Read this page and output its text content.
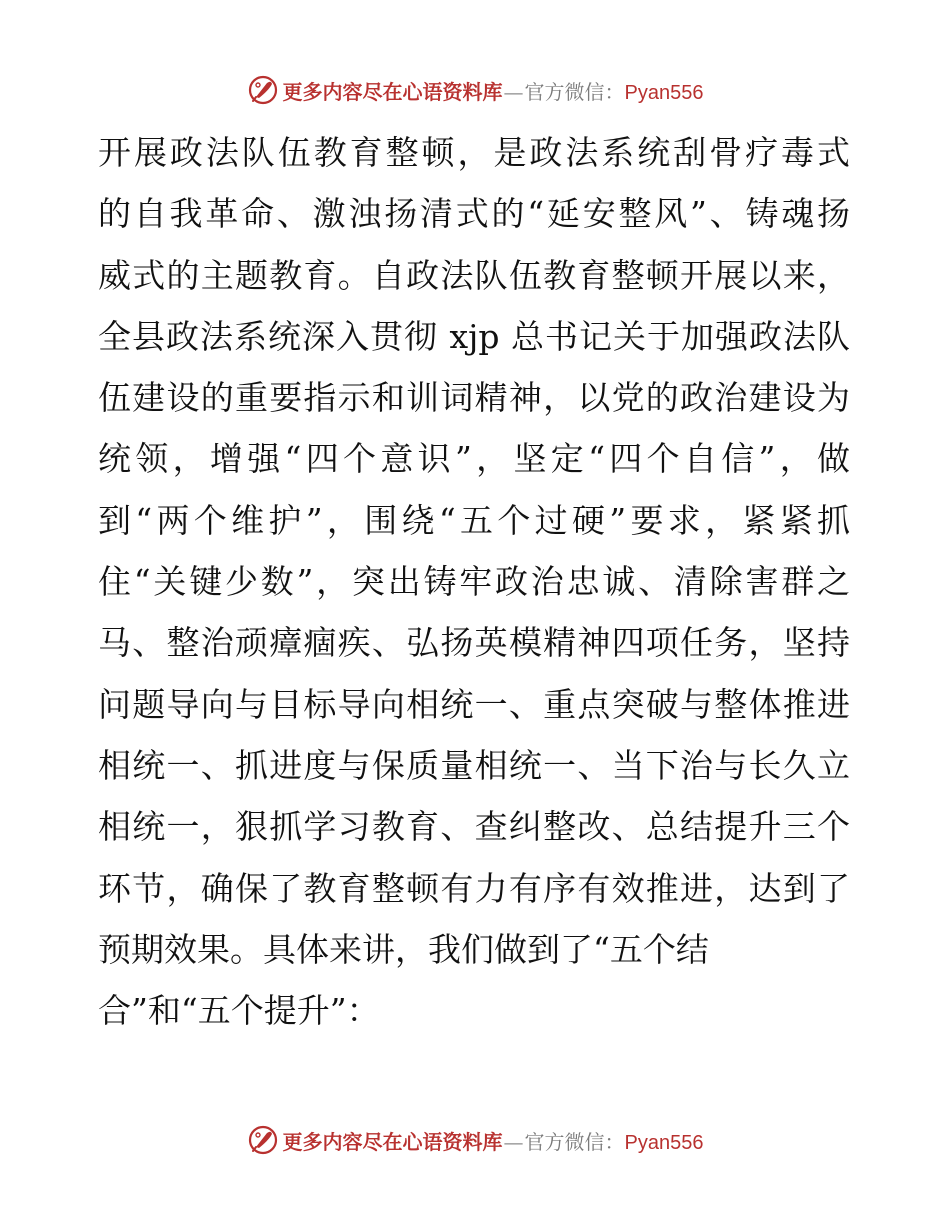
更多内容尽在心语资料库 — 官方微信： Pyan556
开展政法队伍教育整顿，是政法系统刮骨疗毒式
的自我革命、激浊扬清式的“延安整风”、铸魂扬
威式的主题教育。自政法队伍教育整顿开展以来，
全县政法系统深入贯彻 xjp 总书记关于加强政法队
伍建设的重要指示和训词精神，以党的政治建设为
统领，增强“四个意识”，坚定“四个自信”，做
到“两个维护”，围绕“五个过硬”要求，紧紧抓
住“关键少数”，突出铸牢政治忠诚、清除害群之
马、整治顽瘴痼疾、弘扬英模精神四项任务，坚持
问题导向与目标导向相统一、重点突破与整体推进
相统一、抓进度与保质量相统一、当下治与长久立
相统一，狠抓学习教育、查纠整改、总结提升三个
环节，确保了教育整顿有力有序有效推进，达到了
预期效果。具体来讲，我们做到了“五个结
合”和“五个提升”：
更多内容尽在心语资料库 — 官方微信： Pyan556
